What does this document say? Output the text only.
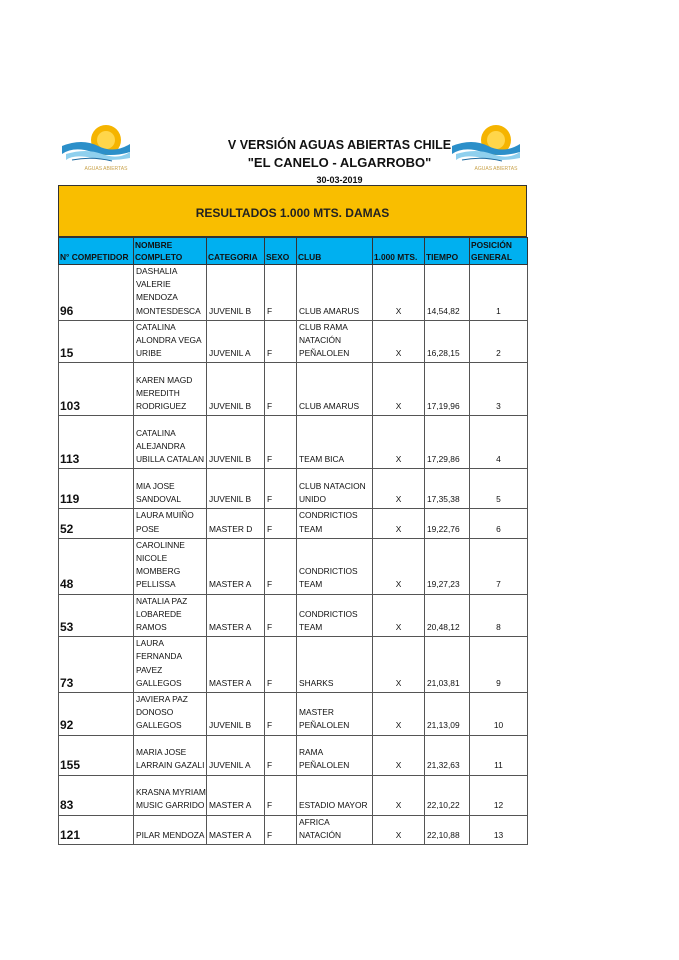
AGUAS ABIERTAS	AGUAS ABIERTAS
V VERSIÓN AGUAS ABIERTAS CHILE
"EL CANELO - ALGARROBO"
30-03-2019
RESULTADOS 1.000 MTS. DAMAS
N° COMPETIDOR	NOMBRE COMPLETO	CATEGORIA	SEXO	CLUB	1.000 MTS.	TIEMPO	POSICIÓN GENERAL
96	DASHALIA VALERIE MENDOZA MONTESDESCA	JUVENIL B	F	CLUB AMARUS	X	14,54,82	1
15	CATALINA ALONDRA VEGA URIBE	JUVENIL A	F	CLUB RAMA NATACIÓN PEÑALOLEN	X	16,28,15	2
103	KAREN MAGD MEREDITH RODRIGUEZ	JUVENIL B	F	CLUB AMARUS	X	17,19,96	3
113	CATALINA ALEJANDRA UBILLA CATALAN	JUVENIL B	F	TEAM BICA	X	17,29,86	4
119	MIA JOSE SANDOVAL	JUVENIL B	F	CLUB NATACION UNIDO	X	17,35,38	5
52	LAURA MUIÑO POSE	MASTER D	F	CONDRICTIOS TEAM	X	19,22,76	6
48	CAROLINNE NICOLE MOMBERG PELLISSA	MASTER A	F	CONDRICTIOS TEAM	X	19,27,23	7
53	NATALIA PAZ LOBAREDE RAMOS	MASTER A	F	CONDRICTIOS TEAM	X	20,48,12	8
73	LAURA FERNANDA PAVEZ GALLEGOS	MASTER A	F	SHARKS	X	21,03,81	9
92	JAVIERA PAZ DONOSO GALLEGOS	JUVENIL B	F	MASTER PEÑALOLEN	X	21,13,09	10
155	MARIA JOSE LARRAIN GAZALI	JUVENIL A	F	RAMA PEÑALOLEN	X	21,32,63	11
83	KRASNA MYRIAM MUSIC GARRIDO	MASTER A	F	ESTADIO MAYOR	X	22,10,22	12
121	PILAR MENDOZA	MASTER A	F	AFRICA NATACIÓN	X	22,10,88	13
